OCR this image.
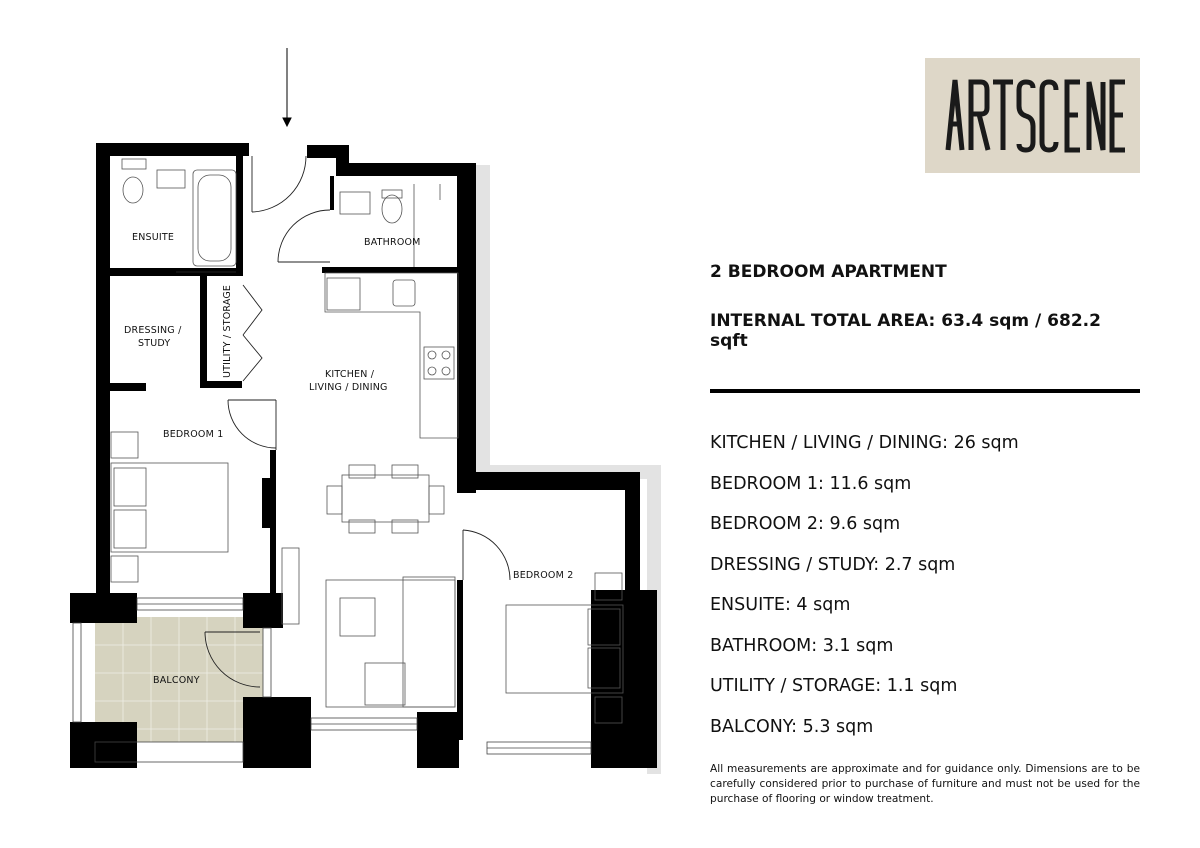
ENSUITE	BATHROOM
DRESSING /
STUDY	UTILITY / STORAGE	KITCHEN /
LIVING / DINING
BEDROOM 1
BEDROOM 2
BALCONY

2 BEDROOM APARTMENT

INTERNAL TOTAL AREA: 63.4 sqm / 682.2 sqft

KITCHEN / LIVING / DINING: 26 sqm
BEDROOM 1: 11.6 sqm
BEDROOM 2: 9.6 sqm
DRESSING / STUDY: 2.7 sqm
ENSUITE: 4 sqm
BATHROOM: 3.1 sqm
UTILITY / STORAGE: 1.1 sqm
BALCONY: 5.3 sqm

All measurements are approximate and for guidance only. Dimensions are to be carefully considered prior to purchase of furniture and must not be used for the purchase of flooring or window treatment.
